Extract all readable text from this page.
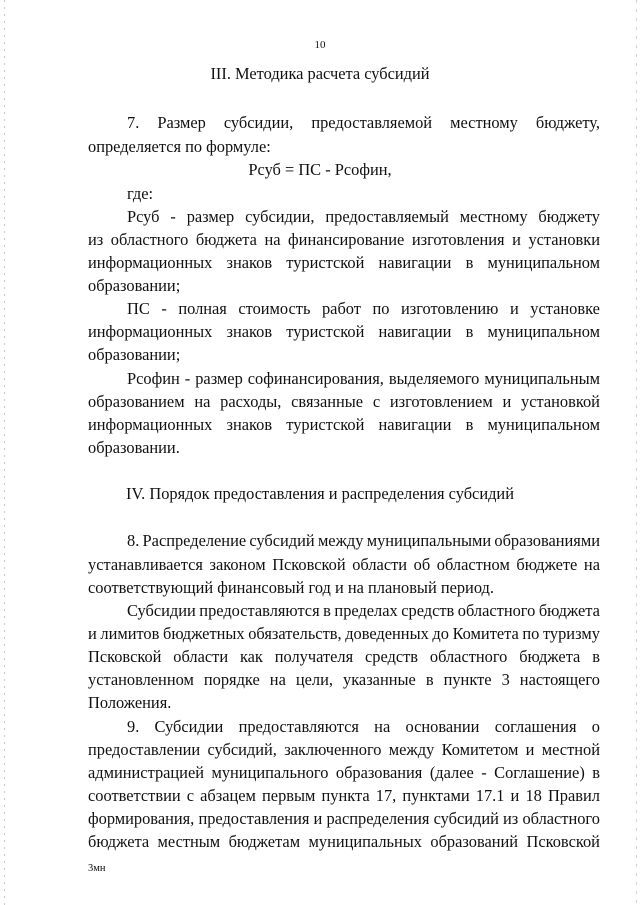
10
III. Методика расчета субсидий
7. Размер субсидии, предоставляемой местному бюджету,
определяется по формуле:
Рсуб = ПС - Рсофин,
где:
Рсуб - размер субсидии, предоставляемый местному бюджету
из областного бюджета на финансирование изготовления и установки
информационных знаков туристской навигации в муниципальном
образовании;
ПС - полная стоимость работ по изготовлению и установке
информационных знаков туристской навигации в муниципальном
образовании;
Рсофин - размер софинансирования, выделяемого муниципальным
образованием на расходы, связанные с изготовлением и установкой
информационных знаков туристской навигации в муниципальном
образовании.
IV. Порядок предоставления и распределения субсидий
8. Распределение субсидий между муниципальными образованиями
устанавливается законом Псковской области об областном бюджете на
соответствующий финансовый год и на плановый период.
Субсидии предоставляются в пределах средств областного бюджета
и лимитов бюджетных обязательств, доведенных до Комитета по туризму
Псковской области как получателя средств областного бюджета в
установленном порядке на цели, указанные в пункте 3 настоящего
Положения.
9. Субсидии предоставляются на основании соглашения о
предоставлении субсидий, заключенного между Комитетом и местной
администрацией муниципального образования (далее - Соглашение) в
соответствии с абзацем первым пункта 17, пунктами 17.1 и 18 Правил
формирования, предоставления и распределения субсидий из областного
бюджета местным бюджетам муниципальных образований Псковской
3мн
